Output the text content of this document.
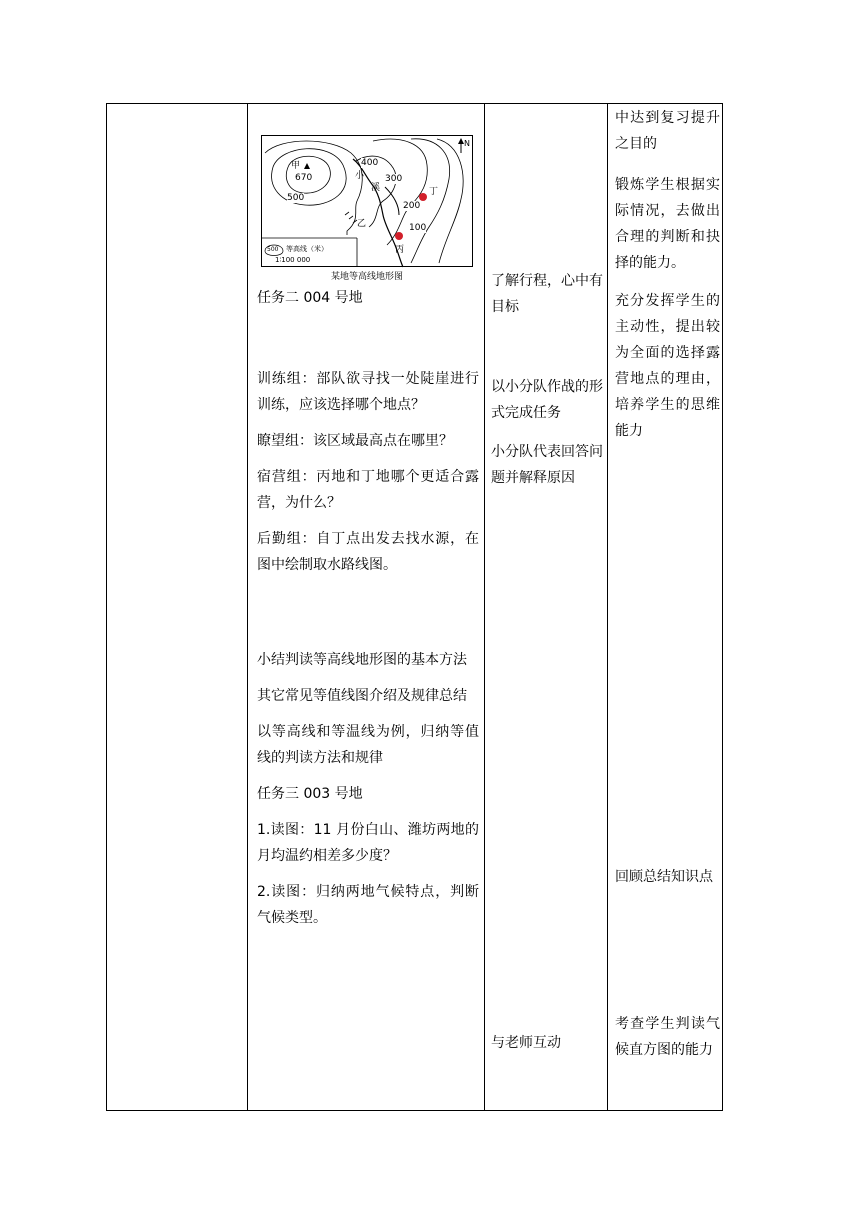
甲
670
400
300
200
100
500
小
溪	丁
丙
乙
N
500 等高线（米）
1∶100 000
某地等高线地形图
任务二 004 号地

训练组：部队欲寻找一处陡崖进行训练，应该选择哪个地点？

瞭望组：该区域最高点在哪里？

宿营组：丙地和丁地哪个更适合露营，为什么？

后勤组：自丁点出发去找水源，在图中绘制取水路线图。

小结判读等高线地形图的基本方法

其它常见等值线图介绍及规律总结

以等高线和等温线为例，归纳等值线的判读方法和规律

任务三 003 号地

1.读图：11 月份白山、潍坊两地的月均温约相差多少度？

2.读图：归纳两地气候特点，判断气候类型。

了解行程，心中有目标
以小分队作战的形式完成任务
小分队代表回答问题并解释原因
与老师互动
中达到复习提升之目的
锻炼学生根据实际情况，去做出合理的判断和抉择的能力。
充分发挥学生的主动性，提出较为全面的选择露营地点的理由，培养学生的思维能力
回顾总结知识点
考查学生判读气候直方图的能力
